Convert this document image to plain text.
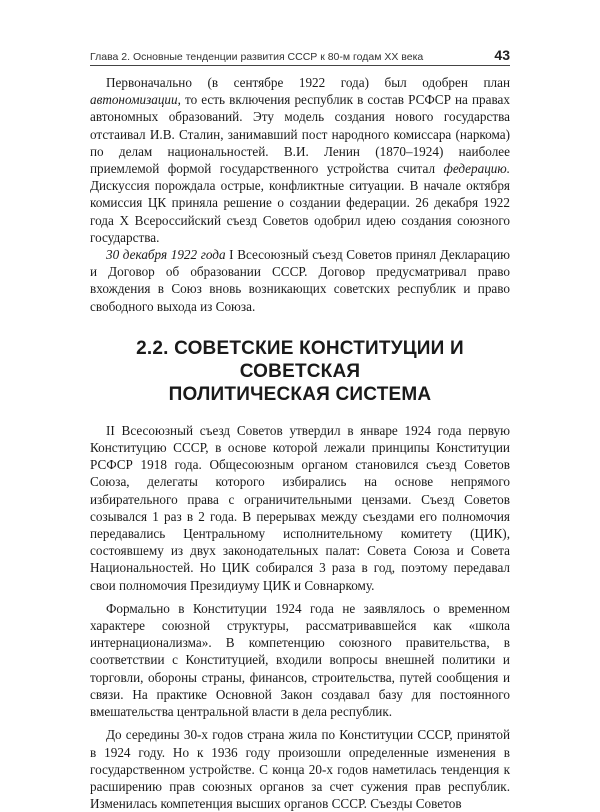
Глава 2. Основные тенденции развития СССР к 80-м годам XX века	43

Первоначально (в сентябре 1922 года) был одобрен план автономизации, то есть включения республик в состав РСФСР на правах автономных образований. Эту модель создания нового государства отстаивал И.В. Сталин, занимавший пост народного комиссара (наркома) по делам национальностей. В.И. Ленин (1870–1924) наиболее приемлемой формой государственного устройства считал федерацию. Дискуссия порождала острые, конфликтные ситуации. В начале октября комиссия ЦК приняла решение о создании федерации. 26 декабря 1922 года X Всероссийский съезд Советов одобрил идею создания союзного государства.

30 декабря 1922 года I Всесоюзный съезд Советов принял Декларацию и Договор об образовании СССР. Договор предусматривал право вхождения в Союз вновь возникающих советских республик и право свободного выхода из Союза.

2.2. СОВЕТСКИЕ КОНСТИТУЦИИ И СОВЕТСКАЯ
ПОЛИТИЧЕСКАЯ СИСТЕМА

II Всесоюзный съезд Советов утвердил в январе 1924 года первую Конституцию СССР, в основе которой лежали принципы Конституции РСФСР 1918 года. Общесоюзным органом становился съезд Советов Союза, делегаты которого избирались на основе непрямого избирательного права с ограничительными цензами. Съезд Советов созывался 1 раз в 2 года. В перерывах между съездами его полномочия передавались Центральному исполнительному комитету (ЦИК), состоявшему из двух законодательных палат: Совета Союза и Совета Национальностей. Но ЦИК собирался 3 раза в год, поэтому передавал свои полномочия Президиуму ЦИК и Совнаркому.

Формально в Конституции 1924 года не заявлялось о временном характере союзной структуры, рассматривавшейся как «школа интернационализма». В компетенцию союзного правительства, в соответствии с Конституцией, входили вопросы внешней политики и торговли, обороны страны, финансов, строительства, путей сообщения и связи. На практике Основной Закон создавал базу для постоянного вмешательства центральной власти в дела республик.

До середины 30-х годов страна жила по Конституции СССР, принятой в 1924 году. Но к 1936 году произошли определенные изменения в государственном устройстве. С конца 20-х годов наметилась тенденция к расширению прав союзных органов за счет сужения прав республик. Изменилась компетенция высших органов СССР. Съезды Советов
